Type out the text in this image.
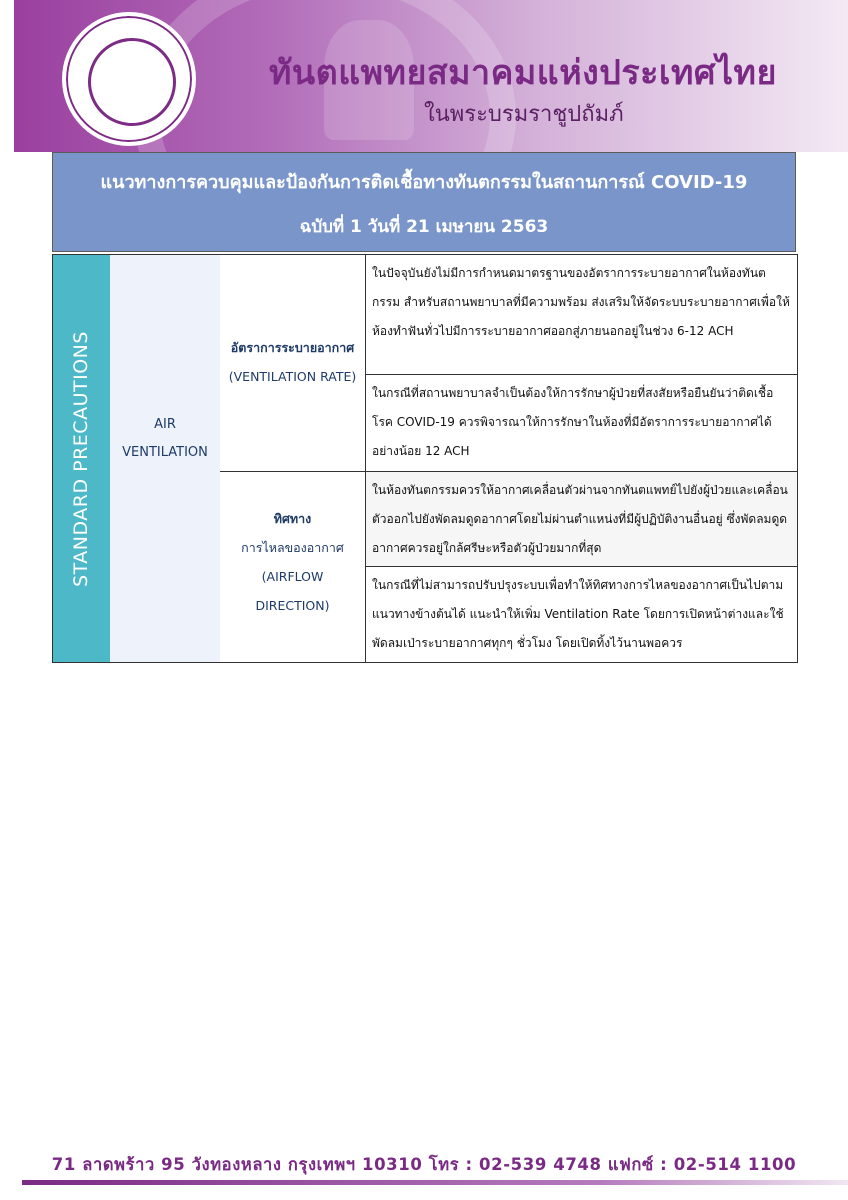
ทันตแพทยสมาคมแห่งประเทศไทย
ในพระบรมราชูปถัมภ์
แนวทางการควบคุมและป้องกันการติดเชื้อทางทันตกรรมในสถานการณ์ COVID-19
ฉบับที่ 1 วันที่ 21 เมษายน 2563
STANDARD PRECAUTIONS	AIR
VENTILATION
อัตราการระบายอากาศ
(VENTILATION RATE)
ทิศทาง
การไหลของอากาศ
(AIRFLOW
DIRECTION)
ในปัจจุบันยังไม่มีการกำหนดมาตรฐานของอัตราการระบายอากาศในห้องทันตกรรม สำหรับสถานพยาบาลที่มีความพร้อม ส่งเสริมให้จัดระบบระบายอากาศเพื่อให้ห้องทำฟันทั่วไปมีการระบายอากาศออกสู่ภายนอกอยู่ในช่วง 6-12 ACH
ในกรณีที่สถานพยาบาลจำเป็นต้องให้การรักษาผู้ป่วยที่สงสัยหรือยืนยันว่าติดเชื้อโรค COVID-19 ควรพิจารณาให้การรักษาในห้องที่มีอัตราการระบายอากาศได้อย่างน้อย 12 ACH
ในห้องทันตกรรมควรให้อากาศเคลื่อนตัวผ่านจากทันตแพทย์ไปยังผู้ป่วยและเคลื่อนตัวออกไปยังพัดลมดูดอากาศโดยไม่ผ่านตำแหน่งที่มีผู้ปฏิบัติงานอื่นอยู่ ซึ่งพัดลมดูดอากาศควรอยู่ใกล้ศรีษะหรือตัวผู้ป่วยมากที่สุด
ในกรณีที่ไม่สามารถปรับปรุงระบบเพื่อทำให้ทิศทางการไหลของอากาศเป็นไปตามแนวทางข้างต้นได้ แนะนำให้เพิ่ม Ventilation Rate โดยการเปิดหน้าต่างและใช้พัดลมเป่าระบายอากาศทุกๆ ชั่วโมง โดยเปิดทิ้งไว้นานพอควร
71 ลาดพร้าว 95 วังทองหลาง กรุงเทพฯ 10310 โทร : 02-539 4748 แฟกซ์ : 02-514 1100
